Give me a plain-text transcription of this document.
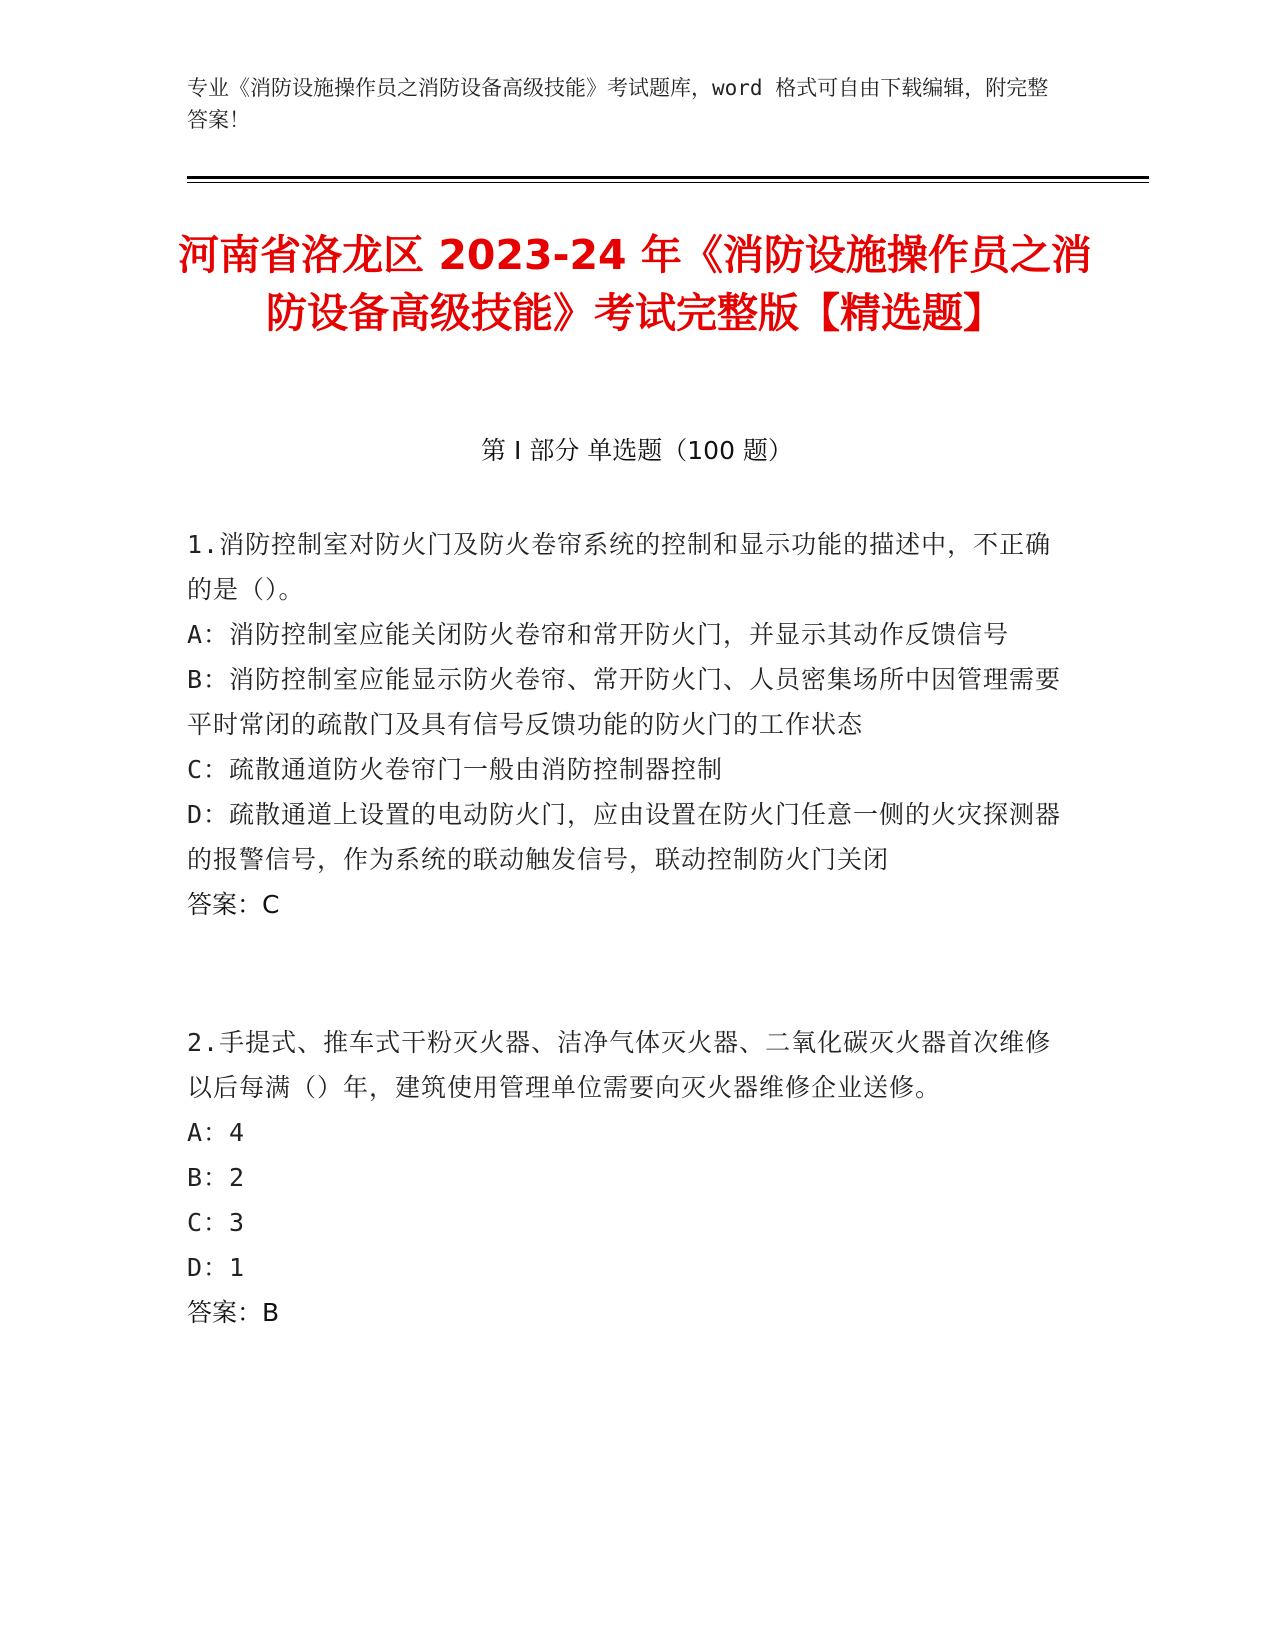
专业《消防设施操作员之消防设备高级技能》考试题库，word 格式可自由下载编辑，附完整答案！
河南省洛龙区 2023-24 年《消防设施操作员之消防设备高级技能》考试完整版【精选题】
第 I 部分 单选题（100 题）
1.消防控制室对防火门及防火卷帘系统的控制和显示功能的描述中，不正确的是（）。
A：消防控制室应能关闭防火卷帘和常开防火门，并显示其动作反馈信号
B：消防控制室应能显示防火卷帘、常开防火门、人员密集场所中因管理需要平时常闭的疏散门及具有信号反馈功能的防火门的工作状态
C：疏散通道防火卷帘门一般由消防控制器控制
D：疏散通道上设置的电动防火门，应由设置在防火门任意一侧的火灾探测器的报警信号，作为系统的联动触发信号，联动控制防火门关闭
答案：C
2.手提式、推车式干粉灭火器、洁净气体灭火器、二氧化碳灭火器首次维修以后每满（）年，建筑使用管理单位需要向灭火器维修企业送修。
A：4
B：2
C：3
D：1
答案：B
